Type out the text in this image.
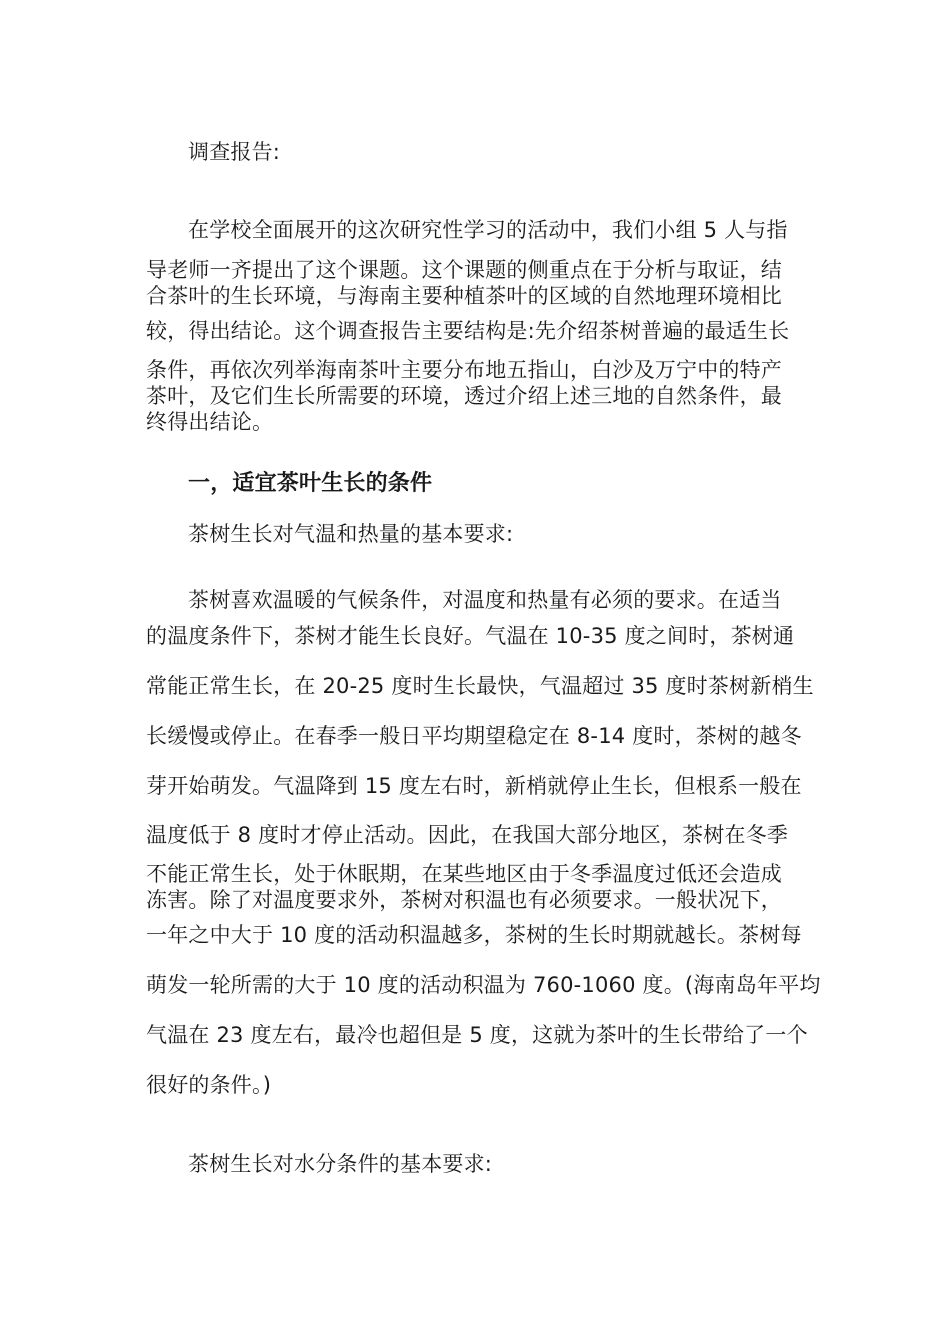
调查报告:
在学校全面展开的这次研究性学习的活动中，我们小组 5 人与指
导老师一齐提出了这个课题。这个课题的侧重点在于分析与取证，结
合茶叶的生长环境，与海南主要种植茶叶的区域的自然地理环境相比
较，得出结论。这个调查报告主要结构是:先介绍茶树普遍的最适生长
条件，再依次列举海南茶叶主要分布地五指山，白沙及万宁中的特产
茶叶，及它们生长所需要的环境，透过介绍上述三地的自然条件，最
终得出结论。
一，适宜茶叶生长的条件
茶树生长对气温和热量的基本要求:
茶树喜欢温暖的气候条件，对温度和热量有必须的要求。在适当
的温度条件下，茶树才能生长良好。气温在 10-35 度之间时，茶树通
常能正常生长，在 20-25 度时生长最快，气温超过 35 度时茶树新梢生
长缓慢或停止。在春季一般日平均期望稳定在 8-14 度时，茶树的越冬
芽开始萌发。气温降到 15 度左右时，新梢就停止生长，但根系一般在
温度低于 8 度时才停止活动。因此，在我国大部分地区，茶树在冬季
不能正常生长，处于休眠期，在某些地区由于冬季温度过低还会造成
冻害。除了对温度要求外，茶树对积温也有必须要求。一般状况下，
一年之中大于 10 度的活动积温越多，茶树的生长时期就越长。茶树每
萌发一轮所需的大于 10 度的活动积温为 760-1060 度。(海南岛年平均
气温在 23 度左右，最冷也超但是 5 度，这就为茶叶的生长带给了一个
很好的条件。)
茶树生长对水分条件的基本要求:
